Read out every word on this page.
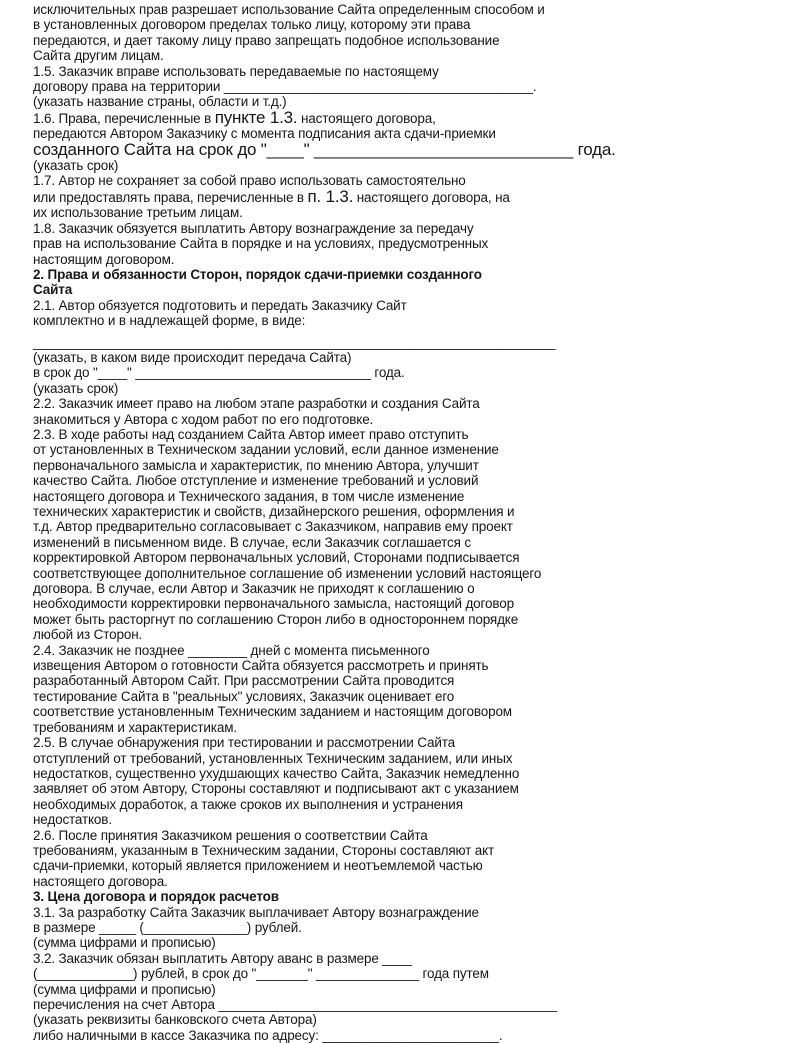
исключительных прав разрешает использование Сайта определенным способом и
в установленных договором пределах только лицу, которому эти права
передаются, и дает такому лицу право запрещать подобное использование
Сайта другим лицам.
1.5. Заказчик вправе использовать передаваемые по настоящему
договору права на территории __________________________________________.
(указать название страны, области и т.д.)
1.6. Права, перечисленные в пункте 1.3. настоящего договора,
передаются Автором Заказчику с момента подписания акта сдачи-приемки
созданного Сайта на срок до "____" ____________________________ года.
(указать срок)
1.7. Автор не сохраняет за собой право использовать самостоятельно
или предоставлять права, перечисленные в п. 1.3. настоящего договора, на
их использование третьим лицам.
1.8. Заказчик обязуется выплатить Автору вознаграждение за передачу
прав на использование Сайта в порядке и на условиях, предусмотренных
настоящим договором.
2. Права и обязанности Сторон, порядок сдачи-приемки созданного
Сайта
2.1. Автор обязуется подготовить и передать Заказчику Сайт
комплектно и в надлежащей форме, в виде:
_______________________________________________________________________
(указать, в каком виде происходит передача Сайта)
в срок до "____" ________________________________ года.
(указать срок)
2.2. Заказчик имеет право на любом этапе разработки и создания Сайта
знакомиться у Автора с ходом работ по его подготовке.
2.3. В ходе работы над созданием Сайта Автор имеет право отступить
от установленных в Техническом задании условий, если данное изменение
первоначального замысла и характеристик, по мнению Автора, улучшит
качество Сайта. Любое отступление и изменение требований и условий
настоящего договора и Технического задания, в том числе изменение
технических характеристик и свойств, дизайнерского решения, оформления и
т.д. Автор предварительно согласовывает с Заказчиком, направив ему проект
изменений в письменном виде. В случае, если Заказчик соглашается с
корректировкой Автором первоначальных условий, Сторонами подписывается
соответствующее дополнительное соглашение об изменении условий настоящего
договора. В случае, если Автор и Заказчик не приходят к соглашению о
необходимости корректировки первоначального замысла, настоящий договор
может быть расторгнут по соглашению Сторон либо в одностороннем порядке
любой из Сторон.
2.4. Заказчик не позднее ________ дней с момента письменного
извещения Автором о готовности Сайта обязуется рассмотреть и принять
разработанный Автором Сайт. При рассмотрении Сайта проводится
тестирование Сайта в "реальных" условиях, Заказчик оценивает его
соответствие установленным Техническим заданием и настоящим договором
требованиям и характеристикам.
2.5. В случае обнаружения при тестировании и рассмотрении Сайта
отступлений от требований, установленных Техническим заданием, или иных
недостатков, существенно ухудшающих качество Сайта, Заказчик немедленно
заявляет об этом Автору, Стороны составляют и подписывают акт с указанием
необходимых доработок, а также сроков их выполнения и устранения
недостатков.
2.6. После принятия Заказчиком решения о соответствии Сайта
требованиям, указанным в Техническим задании, Стороны составляют акт
сдачи-приемки, который является приложением и неотъемлемой частью
настоящего договора.
3. Цена договора и порядок расчетов
3.1. За разработку Сайта Заказчик выплачивает Автору вознаграждение
в размере _____ (______________) рублей.
(сумма цифрами и прописью)
3.2. Заказчик обязан выплатить Автору аванс в размере ____
(_____________) рублей, в срок до "_______" ______________ года путем
(сумма цифрами и прописью)
перечисления на счет Автора ______________________________________________
(указать реквизиты банковского счета Автора)
либо наличными в кассе Заказчика по адресу: ________________________.
